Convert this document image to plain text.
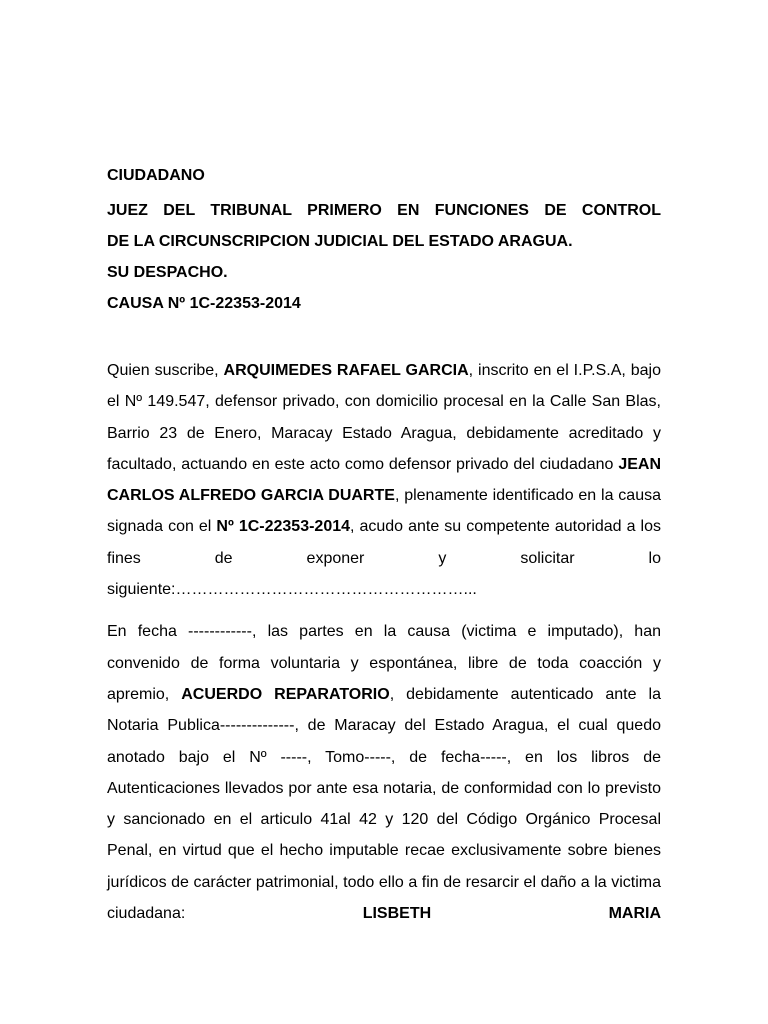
CIUDADANO
JUEZ DEL TRIBUNAL PRIMERO EN FUNCIONES DE CONTROL
DE LA CIRCUNSCRIPCION JUDICIAL DEL ESTADO ARAGUA.
SU DESPACHO.
CAUSA Nº 1C-22353-2014

Quien suscribe, ARQUIMEDES RAFAEL GARCIA, inscrito en el I.P.S.A, bajo el Nº 149.547, defensor privado, con domicilio procesal en la Calle San Blas, Barrio 23 de Enero, Maracay Estado Aragua, debidamente acreditado y facultado, actuando en este acto como defensor privado del ciudadano JEAN CARLOS ALFREDO GARCIA DUARTE, plenamente identificado en la causa signada con el Nº 1C-22353-2014, acudo ante su competente autoridad a los fines de exponer y solicitar lo siguiente:………………………………………………...

En fecha ------------, las partes en la causa (victima e imputado), han convenido de forma voluntaria y espontánea, libre de toda coacción y apremio, ACUERDO REPARATORIO, debidamente autenticado ante la Notaria Publica--------------, de Maracay del Estado Aragua, el cual quedo anotado bajo el Nº -----, Tomo-----, de fecha-----, en los libros de Autenticaciones llevados por ante esa notaria, de conformidad con lo previsto y sancionado en el articulo 41al 42 y 120 del Código Orgánico Procesal Penal, en virtud que el hecho imputable recae exclusivamente sobre bienes jurídicos de carácter patrimonial, todo ello a fin de resarcir el daño a la victima ciudadana: LISBETH MARIA
